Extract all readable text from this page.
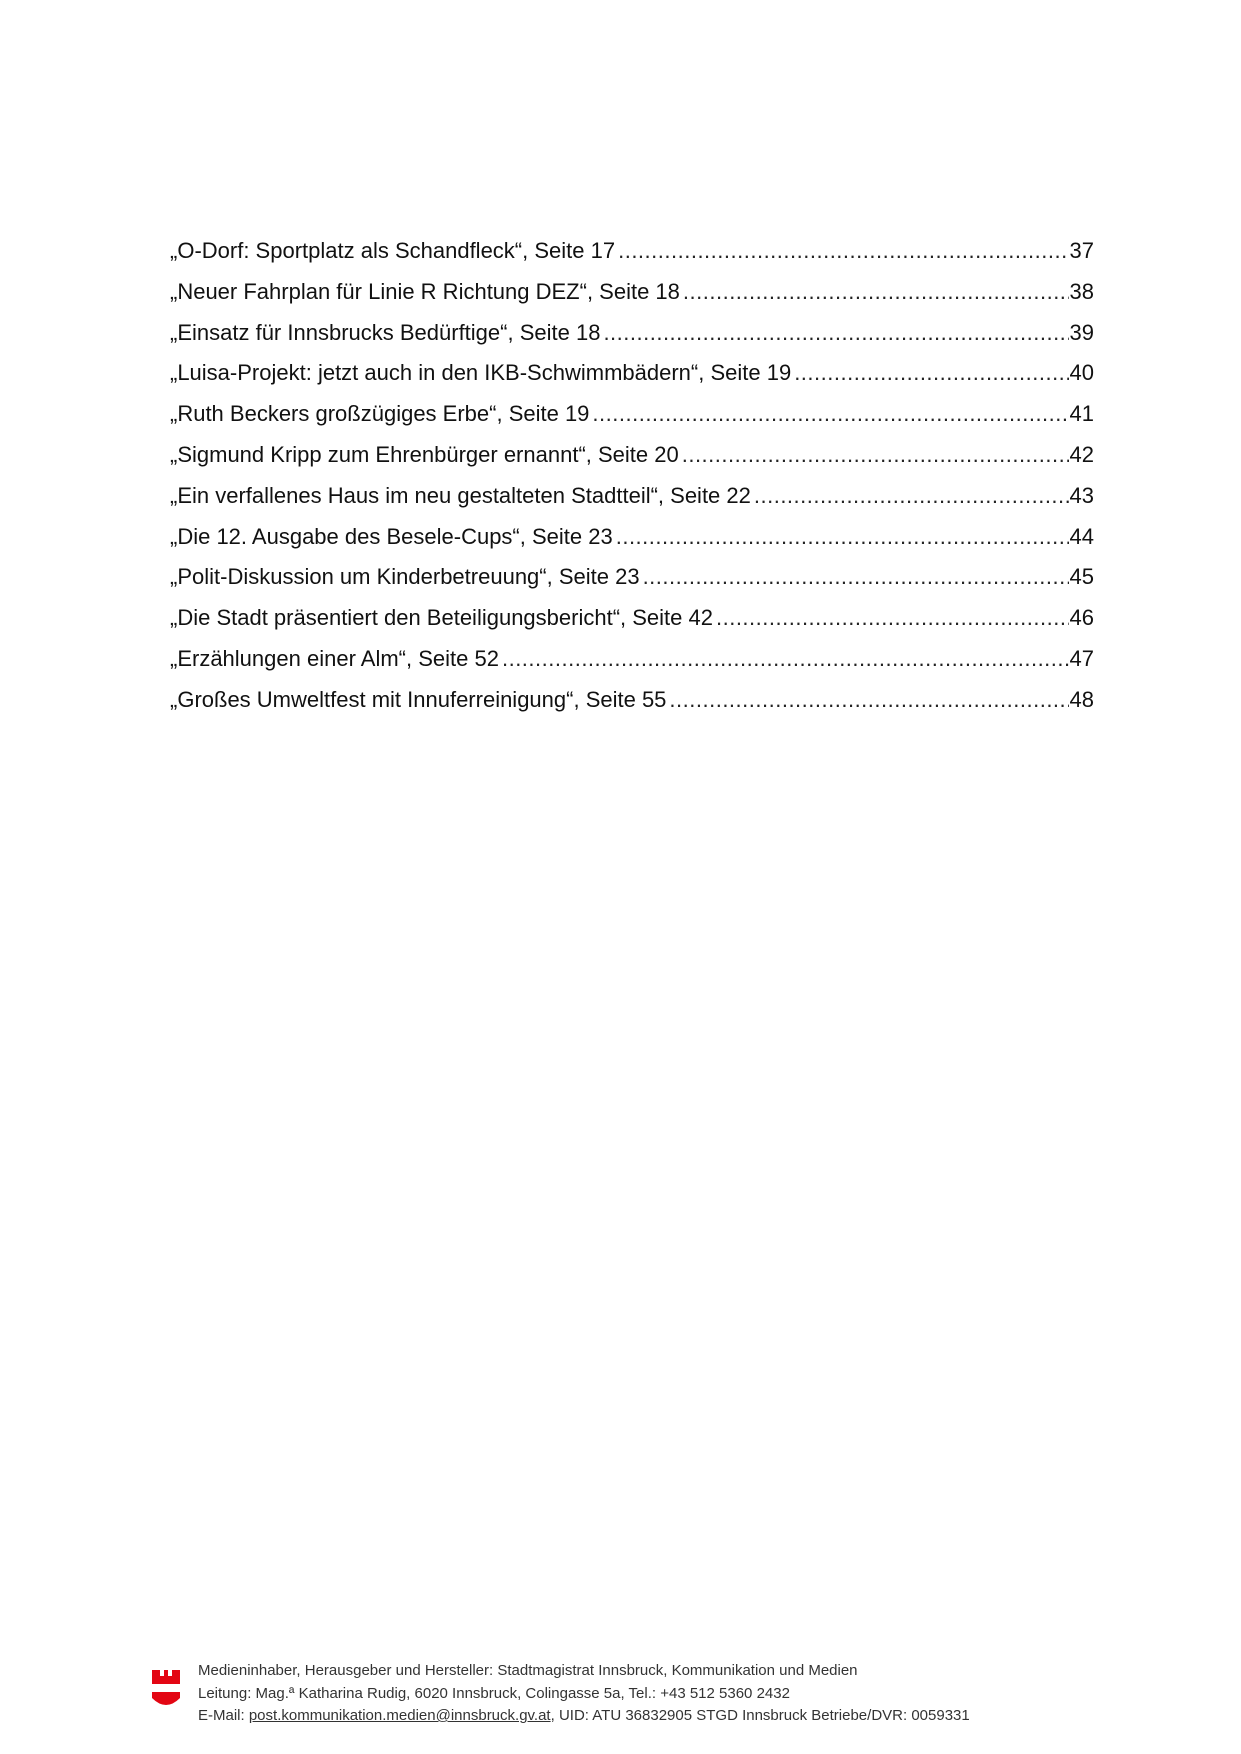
„O-Dorf: Sportplatz als Schandfleck“, Seite 17 .....	37
„Neuer Fahrplan für Linie R Richtung DEZ“, Seite 18 .....	38
„Einsatz für Innsbrucks Bedürftige“, Seite 18 .....	39
„Luisa-Projekt: jetzt auch in den IKB-Schwimmbädern“, Seite 19 .....	40
„Ruth Beckers großzügiges Erbe“, Seite 19 .....	41
„Sigmund Kripp zum Ehrenbürger ernannt“, Seite 20 .....	42
„Ein verfallenes Haus im neu gestalteten Stadtteil“, Seite 22 .....	43
„Die 12. Ausgabe des Besele-Cups“, Seite 23 .....	44
„Polit-Diskussion um Kinderbetreuung“, Seite 23 .....	45
„Die Stadt präsentiert den Beteiligungsbericht“, Seite 42 .....	46
„Erzählungen einer Alm“, Seite 52 .....	47
„Großes Umweltfest mit Innuferreinigung“, Seite 55 .....	48
Medieninhaber, Herausgeber und Hersteller: Stadtmagistrat Innsbruck, Kommunikation und Medien
Leitung: Mag.ª Katharina Rudig, 6020 Innsbruck, Colingasse 5a, Tel.: +43 512 5360 2432
E-Mail: post.kommunikation.medien@innsbruck.gv.at, UID: ATU 36832905 STGD Innsbruck Betriebe/DVR: 0059331
